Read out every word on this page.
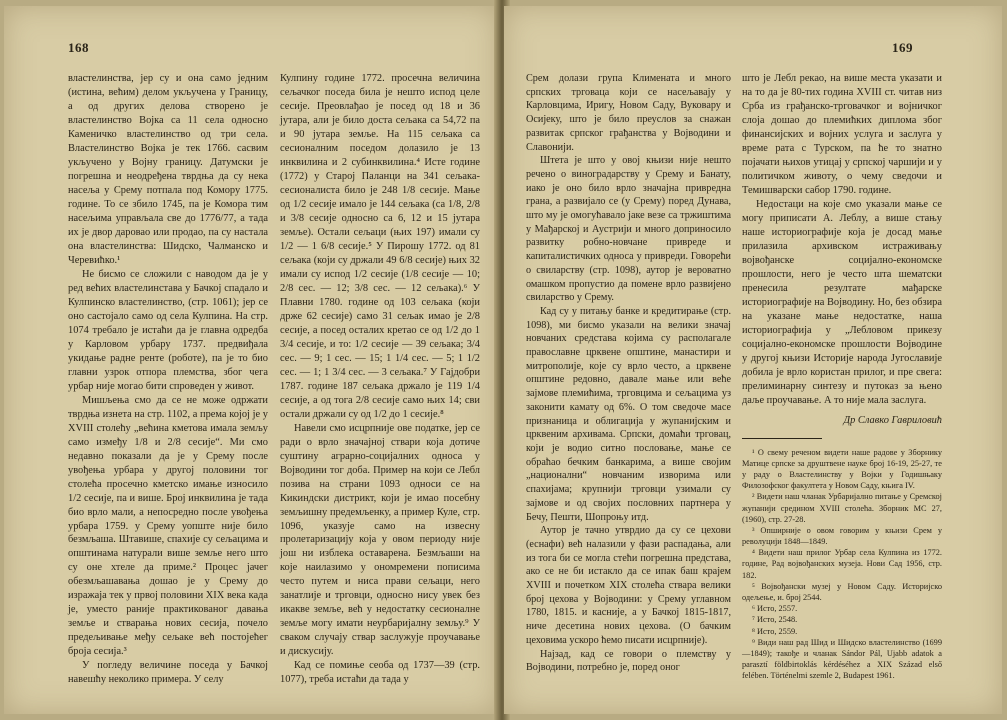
168

властелинства, јер су и она само једним (истина, већим) делом укључена у Границу, а од других делова створено је властелинство Војка са 11 села односно Каменичко властелинство од три села. Властелинство Војка је тек 1766. сасвим укључено у Војну границу. Датумски је погрешна и неодређена тврдња да су нека насеља у Срему потпала под Комору 1775. године. То се збило 1745, па је Комора тим насељима управљала све до 1776/77, а тада их је двор даровао или продао, па су настала она властелинства: Шидско, Чалманско и Черевићко.¹

Не бисмо се сложили с наводом да је у ред већих властелинстава у Бачкој спадало и Кулпинско властелинство, (стр. 1061); јер се оно састојало само од села Кулпина. На стр. 1074 требало је истаћи да је главна одредба у Карловом урбару 1737. предвиђала укидање радне ренте (роботе), па је то био главни узрок отпора племства, због чега урбар није могао бити спроведен у живот.

Мишљења смо да се не може одржати тврдња изнета на стр. 1102, а према којој је у XVIII столећу „већина кметова имала земљу само између 1/8 и 2/8 сесије“. Ми смо недавно показали да је у Срему после увођења урбара у другој половини тог столећа просечно кметско имање износило 1/2 сесије, па и више. Број инквилина је тада био врло мали, а непосредно после увођења урбара 1759. у Срему уопште није било безмљаша. Штавише, спахије су сељацима и општинама натурали више земље него што су оне хтеле да приме.² Процес јачег обезмљашавања дошао је у Срему до изражаја тек у првој половини XIX века када је, уместо раније практикованог давања земље и стварања нових сесија, почело предељивање међу сељаке већ постојећег броја сесија.³

У погледу величине поседа у Бачкој навешћу неколико примера. У селу

Кулпину године 1772. просечна величина сељачког поседа била је нешто испод целе сесије. Преовлађао је посед од 18 и 36 јутара, али је било доста сељака са 54,72 па и 90 јутара земље. На 115 сељака са сесионалним поседом долазило је 13 инквилина и 2 субинквилина.⁴ Исте године (1772) у Старој Паланци на 341 сељака-сесионалиста било је 248 1/8 сесије. Мање од 1/2 сесије имало је 144 сељака (са 1/8, 2/8 и 3/8 сесије односно са 6, 12 и 15 јутара земље). Остали сељаци (њих 197) имали су 1/2 — 1 6/8 сесије.⁵ У Пирошу 1772. од 81 сељака (који су држали 49 6/8 сесије) њих 32 имали су испод 1/2 сесије (1/8 сесије — 10; 2/8 сес. — 12; 3/8 сес. — 12 сељака).⁶ У Плавни 1780. године од 103 сељака (који држе 62 сесије) само 31 сељак имао је 2/8 сесије, а посед осталих кретао се од 1/2 до 1 3/4 сесије, и то: 1/2 сесије — 39 сељака; 3/4 сес. — 9; 1 сес. — 15; 1 1/4 сес. — 5; 1 1/2 сес. — 1; 1 3/4 сес. — 3 сељака.⁷ У Гајдобри 1787. године 187 сељака држало је 119 1/4 сесије, а од тога 2/8 сесије само њих 14; сви остали држали су од 1/2 до 1 сесије.⁸

Навели смо исцрпније ове податке, јер се ради о врло значајној ствари која дотиче суштину аграрно-социјалних односа у Војводини тог доба. Пример на који се Лебл позива на страни 1093 односи се на Кикиндски дистрикт, који је имао посебну земљишну предемљенку, а пример Куле, стр. 1096, указује само на извесну пролетаризацију која у овом периоду није још ни изблека оставарена. Безмљаши на које наилазимо у ономремени пописима често путем и ниса прави сељаци, него занатлије и трговци, односно нису увек без икакве земље, већ у недостатку сесионалне земље могу имати неурбаријалну земљу.⁹ У сваком случају ствар заслужује проучавање и дискусију.

Кад се помиње сеоба од 1737—39 (стр. 1077), треба истаћи да тада у

169

Срем долази група Климената и много српских трговаца који се насељавају у Карловцима, Иригу, Новом Саду, Вуковару и Осијеку, што је било преуслов за снажан развитак српског грађанства у Војводини и Славонији.

Штета је што у овој књизи није нешто речено о виноградарству у Срему и Банату, иако је оно било врло значајна привредна грана, а развијало се (у Срему) поред Дунава, што му је омогућавало јаке везе са тржиштима у Мађарској и Аустрији и много доприносило развитку робно-новчане привреде и капиталистичких односа у привреди. Говорећи о свиларству (стр. 1098), аутор је вероватно омашком пропустио да помене врло развијено свиларство у Срему.

Кад су у питању банке и кредитирање (стр. 1098), ми бисмо указали на велики значај новчаних средстава којима су располагале православне црквене општине, манастири и митрополије, које су врло често, а црквене општине редовно, давале мање или веће зајмове племићима, трговцима и сељацима уз законити камату од 6%. О том сведоче масе признаница и облигација у жупанијским и црквеним архивама. Српски, домаћи трговац, који је водио ситно пословање, мање се обраћао бечким банкарима, а више својим „национални“ новчаним изворима или спахијама; крупнији трговци узимали су зајмове и од својих пословних партнера у Бечу, Пешти, Шопроњу итд.

Аутор је тачно утврдио да су се цехови (еснафи) већ налазили у фази распадања, али из тога би се могла стећи погрешна представа, ако се не би истакло да се ипак баш крајем XVIII и почетком XIX столећа ствара велики број цехова у Војводини: у Срему углавном 1780, 1815. и касније, а у Бачкој 1815-1817, ниче десетина нових цехова. (О бачким цеховима ускоро ћемо писати исцрпније).

Најзад, кад се говори о племству у Војводини, потребно је, поред оног

што је Лебл рекао, на више места указати и на то да је 80-тих година XVIII ст. читав низ Срба из грађанско-трговачког и војничког слоја дошао до племићких диплома због финансијских и војних услуга и заслуга у време рата с Турском, па ће то знатно појачати њихов утицај у српској чаршији и у политичком животу, о чему сведочи и Темишварски сабор 1790. године.

Недостаци на које смо указали мање се могу приписати А. Леблу, а више стању наше историографије која је досад мање прилазила архивском истраживању војвођанске социјално-економске прошлости, него је често шта шематски пренесила резултате мађарске историографије на Војводину. Но, без обзира на указане мање недостатке, наша историографија у „Лебловом прикезу социјално-економске прошлости Војводине у другој књизи Историје народа Југославије добила је врло користан прилог, и пре свега: прелиминарну синтезу и путоказ за њено даље проучавање. А то није мала заслуга.

Др Славко Гавриловић

¹ О свему реченом видети наше радове у Зборнику Матице српске за друштвене науке број 16-19, 25-27, те у раду о Властелинству у Војки у Годишњаку Филозофског факултета у Новом Саду, књига IV.

² Видети наш чланак Урбаријално питање у Сремској жупанији средином XVIII столећа. Зборник МС 27, (1960), стр. 27-28.

³ Опширније о овом говорим у књизи Срем у револуцији 1848—1849.

⁴ Видети наш прилог Урбар села Кулпина из 1772. године, Рад војвођанских музеја. Нови Сад 1956, стр. 182.

⁵ Војвођански музеј у Новом Саду. Историјско одељење, и. број 2544.

⁶ Исто, 2557.

⁷ Исто, 2548.

⁸ Исто, 2559.

⁹ Види наш рад Шид и Шидско властелинство (1699—1849); такође и чланак Sándor Pál, Ujabb adatok a parasztí földbirtoklás kérdéséhez a XIX Század első felében. Történelmi szemle 2, Budapest 1961.
